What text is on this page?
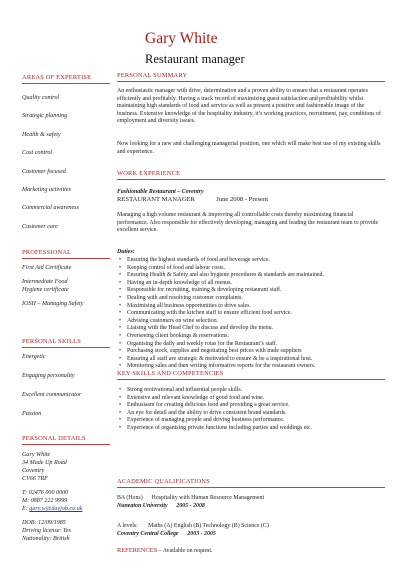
Gary White
Restaurant manager
AREAS OF EXPERTISE
Quality control
Strategic planning
Health & safety
Cost control
Customer focused
Marketing activities
Commercial awareness
Customer care
PROFESSIONAL
First Aid Certificate
Intermediate Food
Hygiene certificate
IOSH – Managing Safety
PERSONAL SKILLS
Energetic
Engaging personality
Excellent communicator
Passion
PERSONAL DETAILS
Gary White
34 Made Up Road
Coventry
CV66 7RF
T: 02476 000 0000
M: 0887 222 9999
E: gary.w@dayjob.co.uk
DOB: 12/09/1985
Driving license: Yes
Nationality: British
PERSONAL SUMMARY
An enthusiastic manager with drive, determination and a proven ability to ensure that a restaurant operates efficiently and profitably. Having a track record of maximizing guest satisfaction and profitability whilst maintaining high standards of food and service as well as present a positive and fashionable image of the business. Extensive knowledge of the hospitality industry, it’s working practices, recruitment, pay, conditions of employment and diversity issues.
Now looking for a new and challenging managerial position, one which will make best use of my existing skills and experience.
WORK EXPERIENCE
Fashionable Restaurant – Coventry
RESTAURANT MANAGER	June 2008 - Present
Managing a high volume restaurant & improving all controllable costs thereby maximising financial performance. Also responsible for effectively developing, managing and leading the restaurant team to provide excellent service.
Duties:
• Ensuring the highest standards of food and beverage service.
• Keeping control of food and labour costs.
• Ensuring Health & Safety and also hygiene procedures & standards are maintained.
• Having an in-depth knowledge of all menus.
• Responsible for recruiting, training & developing restaurant staff.
• Dealing with and resolving customer complaints.
• Maximising all business opportunities to drive sales.
• Communicating with the kitchen staff to ensure efficient food service.
• Advising customers on wine selection.
• Liaising with the Head Chef to discuss and develop the menu.
• Overseeing client bookings & reservations.
• Organising the daily and weekly rotas for the Restaurant’s staff.
• Purchasing stock, supplies and negotiating best prices with trade suppliers
• Ensuring all staff are strategic & motivated to ensure & be a inspirational host.
• Monitoring sales and then writing informative reports for the restaurant owners.
KEY SKILLS AND COMPETENCIES
• Strong motivational and influential people skills.
• Extensive and relevant knowledge of good food and wine.
• Enthusiasm for creating delicious food and providing a great service.
• An eye for detail and the ability to drive consistent brand standards.
• Experience of managing people and driving business performance.
• Experience of organising private functions including parties and weddings etc.
ACADEMIC QUALIFICATIONS
BA (Hons)      Hospitality with Human Resource Management
Nuneaton University      2005 - 2008
A levels:       Maths (A) English (B) Technology (B) Science (C)
Coventry Central College      2003 - 2005
REFERENCES – Available on request.
